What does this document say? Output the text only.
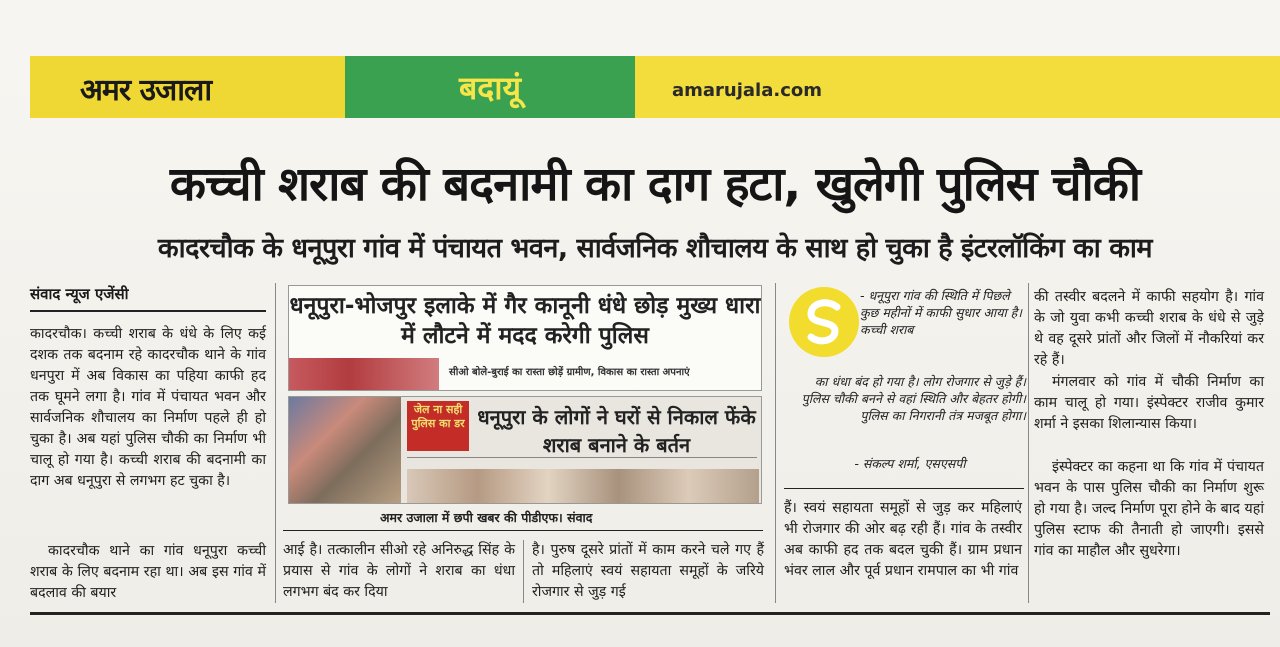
अमर उजाला	बदायूं	amarujala.com
कच्ची शराब की बदनामी का दाग हटा, खुलेगी पुलिस चौकी
कादरचौक के धनूपुरा गांव में पंचायत भवन, सार्वजनिक शौचालय के साथ हो चुका है इंटरलॉकिंग का काम
संवाद न्यूज एजेंसी
कादरचौक। कच्ची शराब के धंधे के लिए कई दशक तक बदनाम रहे कादरचौक थाने के गांव धनपुरा में अब विकास का पहिया काफी हद तक घूमने लगा है। गांव में पंचायत भवन और सार्वजनिक शौचालय का निर्माण पहले ही हो चुका है। अब यहां पुलिस चौकी का निर्माण भी चालू हो गया है। कच्ची शराब की बदनामी का दाग अब धनूपुरा से लगभग हट चुका है।
कादरचौक थाने का गांव धनूपुरा कच्ची शराब के लिए बदनाम रहा था। अब इस गांव में बदलाव की बयार
धनूपुरा-भोजपुर इलाके में गैर कानूनी धंधे छोड़ मुख्य धारा में लौटने में मदद करेगी पुलिस
सीओ बोले-बुराई का रास्ता छोड़ें ग्रामीण, विकास का रास्ता अपनाएं
जेल ना सही पुलिस का डर धनूपुरा के लोगों ने घरों से निकाल फेंके शराब बनाने के बर्तन
अमर उजाला में छपी खबर की पीडीएफ। संवाद
आई है। तत्कालीन सीओ रहे अनिरुद्ध सिंह के प्रयास से गांव के लोगों ने शराब का धंधा लगभग बंद कर दिया
है। पुरुष दूसरे प्रांतों में काम करने चले गए हैं तो महिलाएं स्वयं सहायता समूहों के जरिये रोजगार से जुड़ गई
- धनूपुरा गांव की स्थिति में पिछले कुछ महीनों में काफी सुधार आया है। कच्ची शराब
का धंधा बंद हो गया है। लोग रोजगार से जुड़े हैं। पुलिस चौकी बनने से वहां स्थिति और बेहतर होगी। पुलिस का निगरानी तंत्र मजबूत होगा।
- संकल्प शर्मा, एसएसपी
हैं। स्वयं सहायता समूहों से जुड़ कर महिलाएं भी रोजगार की ओर बढ़ रही हैं। गांव के तस्वीर अब काफी हद तक बदल चुकी हैं। ग्राम प्रधान भंवर लाल और पूर्व प्रधान रामपाल का भी गांव
की तस्वीर बदलने में काफी सहयोग है। गांव के जो युवा कभी कच्ची शराब के धंधे से जुड़े थे वह दूसरे प्रांतों और जिलों में नौकरियां कर रहे हैं।
मंगलवार को गांव में चौकी निर्माण का काम चालू हो गया। इंस्पेक्टर राजीव कुमार शर्मा ने इसका शिलान्यास किया।
इंस्पेक्टर का कहना था कि गांव में पंचायत भवन के पास पुलिस चौकी का निर्माण शुरू हो गया है। जल्द निर्माण पूरा होने के बाद यहां पुलिस स्टाफ की तैनाती हो जाएगी। इससे गांव का माहौल और सुधरेगा।
